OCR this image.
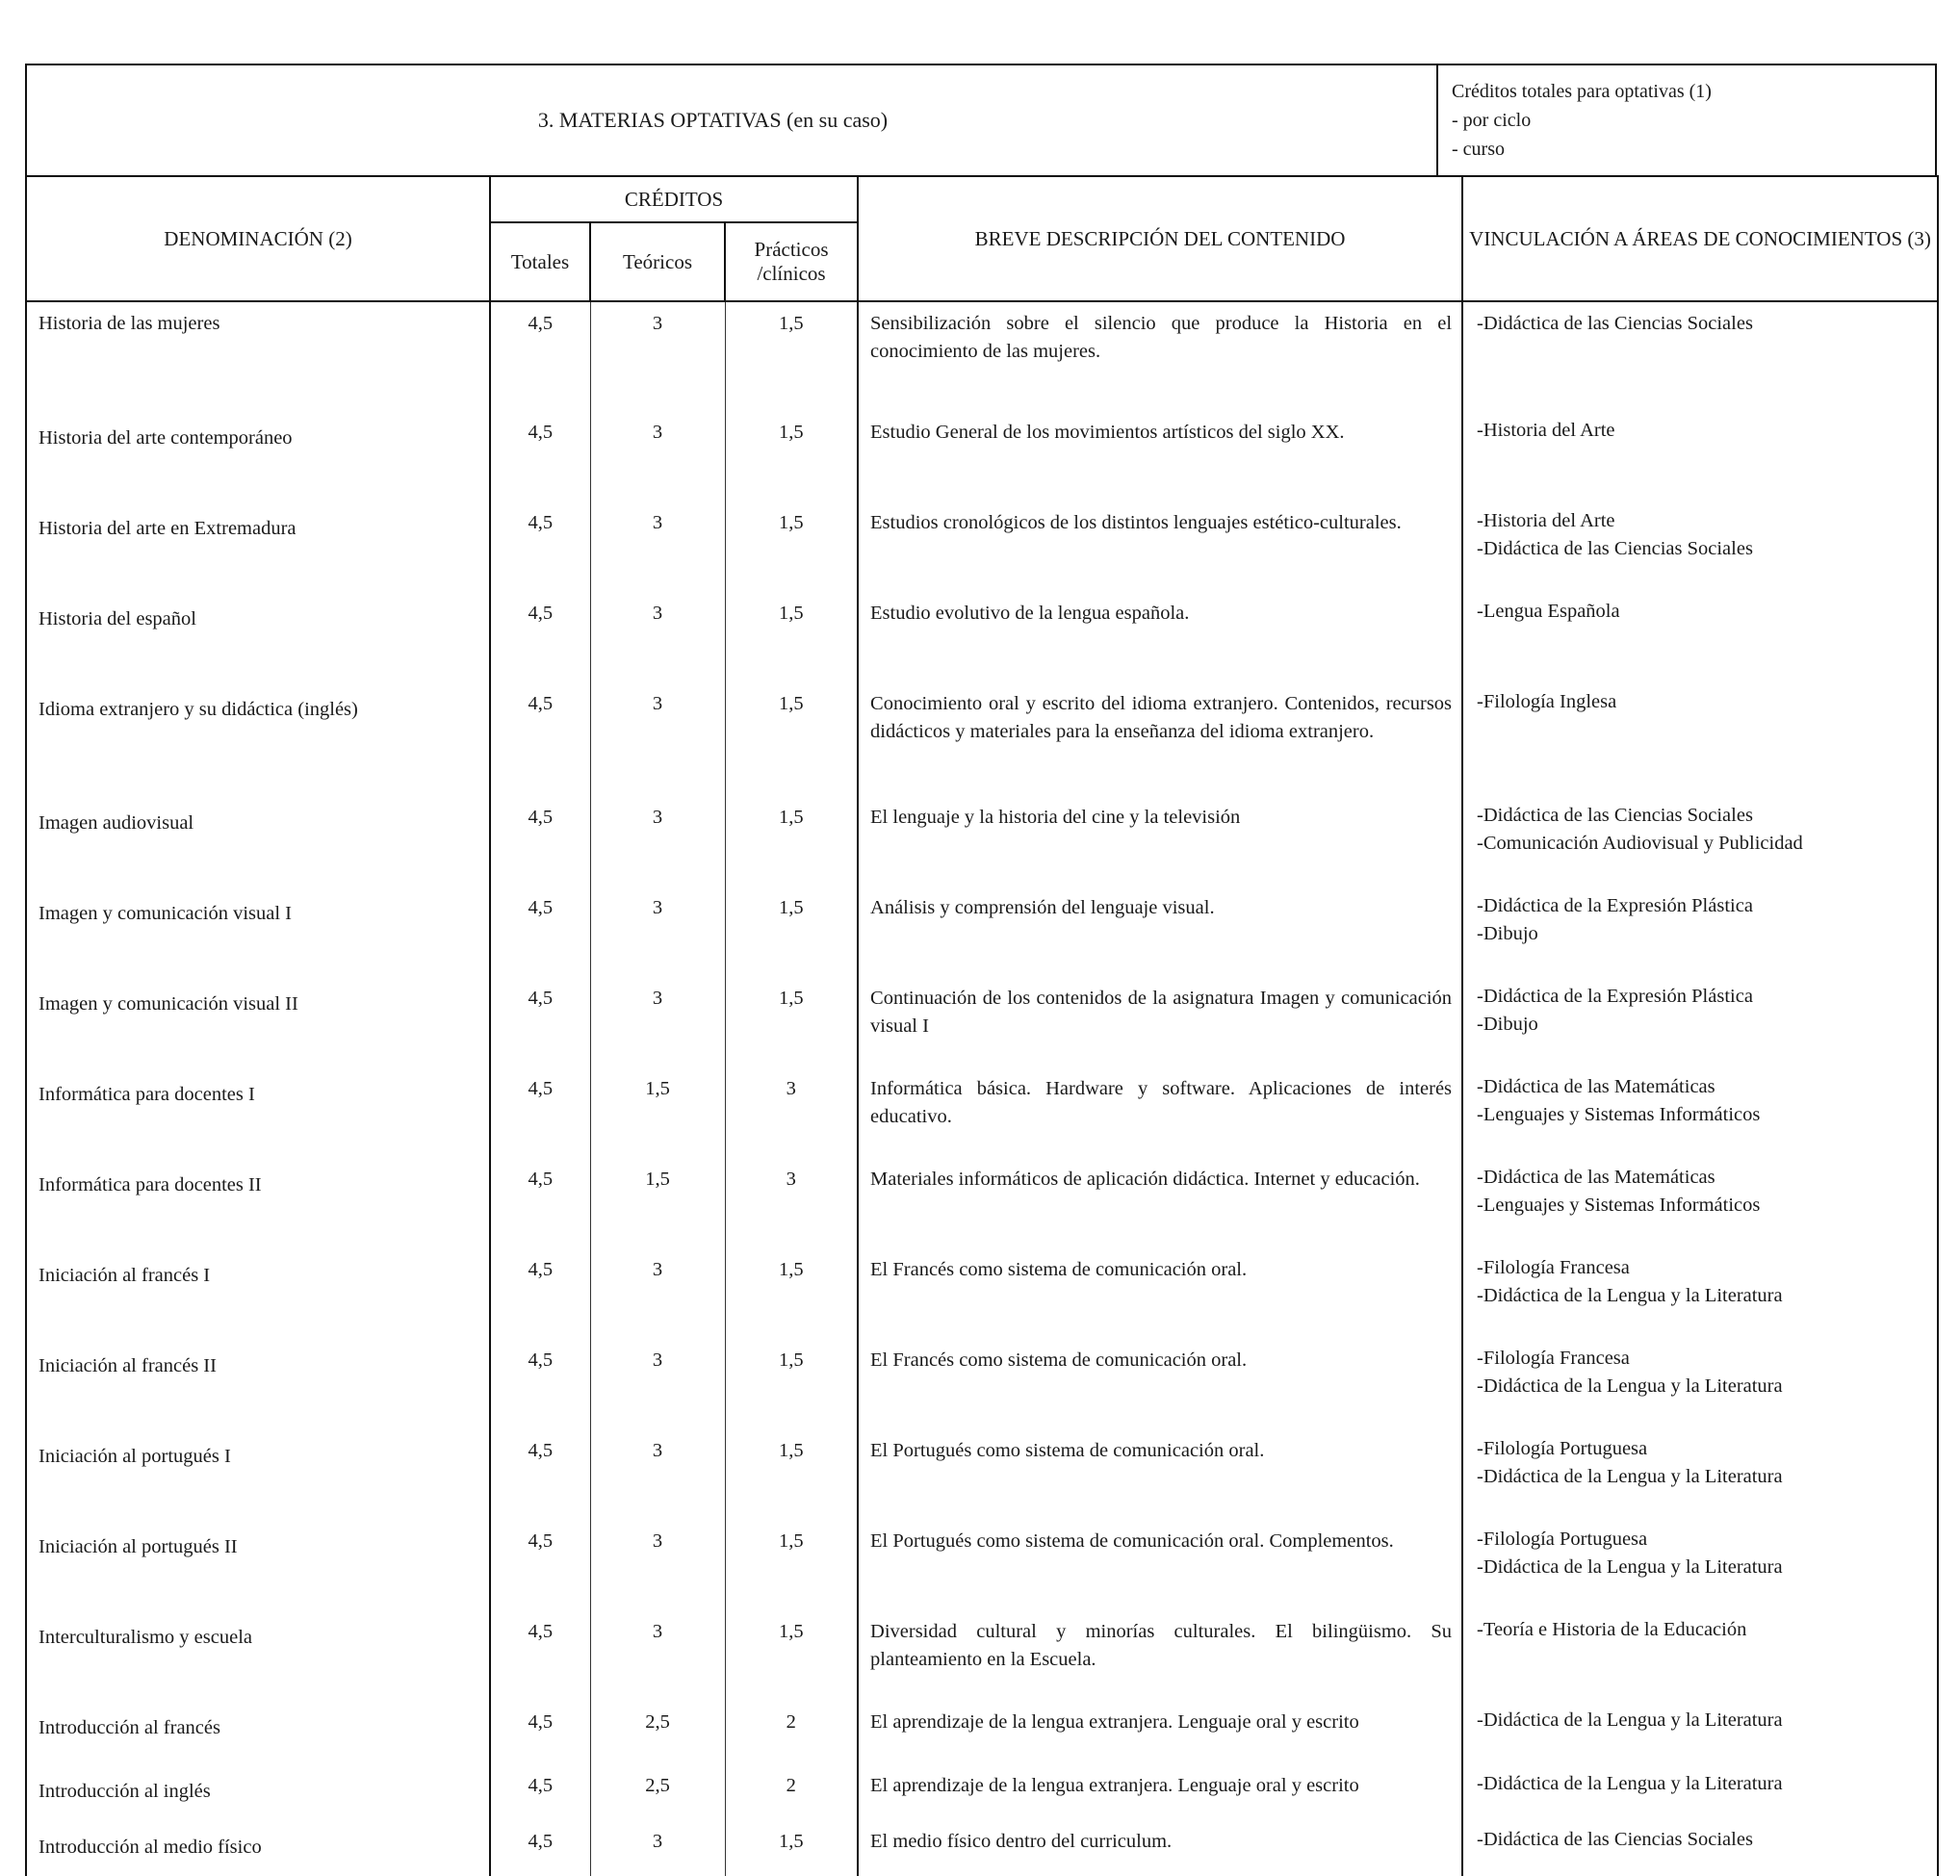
3. MATERIAS OPTATIVAS (en su caso)	
Créditos totales para optativas (1)
- por ciclo
- curso
DENOMINACIÓN (2)	CRÉDITOS			BREVE DESCRIPCIÓN DEL CONTENIDO	VINCULACIÓN A ÁREAS DE CONOCIMIENTOS (3)
	Totales	Teóricos	Prácticos /clínicos		
Historia de las mujeres	4,5	3	1,5	Sensibilización sobre el silencio que produce la Historia en el conocimiento de las mujeres.	-Didáctica de las Ciencias Sociales

Historia del arte contemporáneo	4,5	3	1,5	Estudio General de los movimientos artísticos del siglo XX.	-Historia del Arte

Historia del arte en Extremadura	4,5	3	1,5	Estudios cronológicos de los distintos lenguajes estético-culturales.	-Historia del Arte
-Didáctica de las Ciencias Sociales

Historia del español	4,5	3	1,5	Estudio evolutivo de la lengua española.	-Lengua Española

Idioma extranjero y su didáctica (inglés)	4,5	3	1,5	Conocimiento oral y escrito del idioma extranjero. Contenidos, recursos didácticos y materiales para la enseñanza del idioma extranjero.	-Filología Inglesa

Imagen audiovisual	4,5	3	1,5	El lenguaje y la historia del cine y la televisión	-Didáctica de las Ciencias Sociales
-Comunicación Audiovisual y Publicidad

Imagen y comunicación visual I	4,5	3	1,5	Análisis y comprensión del lenguaje visual.	-Didáctica de la Expresión Plástica
-Dibujo

Imagen y comunicación visual II	4,5	3	1,5	Continuación de los contenidos de la asignatura Imagen y comunicación visual I	-Didáctica de la Expresión Plástica
-Dibujo

Informática para docentes I	4,5	1,5	3	Informática básica. Hardware y software. Aplicaciones de interés educativo.	-Didáctica de las Matemáticas
-Lenguajes y Sistemas Informáticos

Informática para docentes II	4,5	1,5	3	Materiales informáticos de aplicación didáctica. Internet y educación.	-Didáctica de las Matemáticas
-Lenguajes y Sistemas Informáticos

Iniciación al francés I	4,5	3	1,5	El Francés como sistema de comunicación oral.	-Filología Francesa
-Didáctica de la Lengua y la Literatura

Iniciación al francés II	4,5	3	1,5	El Francés como sistema de comunicación oral.	-Filología Francesa
-Didáctica de la Lengua y la Literatura

Iniciación al portugués I	4,5	3	1,5	El Portugués como sistema de comunicación oral.	-Filología Portuguesa
-Didáctica de la Lengua y la Literatura

Iniciación al portugués II	4,5	3	1,5	El Portugués como sistema de comunicación oral. Complementos.	-Filología Portuguesa
-Didáctica de la Lengua y la Literatura

Interculturalismo y escuela	4,5	3	1,5	Diversidad cultural y minorías culturales. El bilingüismo. Su planteamiento en la Escuela.	-Teoría e Historia de la Educación

Introducción al francés	4,5	2,5	2	El aprendizaje de la lengua extranjera. Lenguaje oral y escrito	-Didáctica de la Lengua y la Literatura

Introducción al inglés	4,5	2,5	2	El aprendizaje de la lengua extranjera. Lenguaje oral y escrito	-Didáctica de la Lengua y la Literatura

Introducción al medio físico	4,5	3	1,5	El medio físico dentro del curriculum.	-Didáctica de las Ciencias Sociales
